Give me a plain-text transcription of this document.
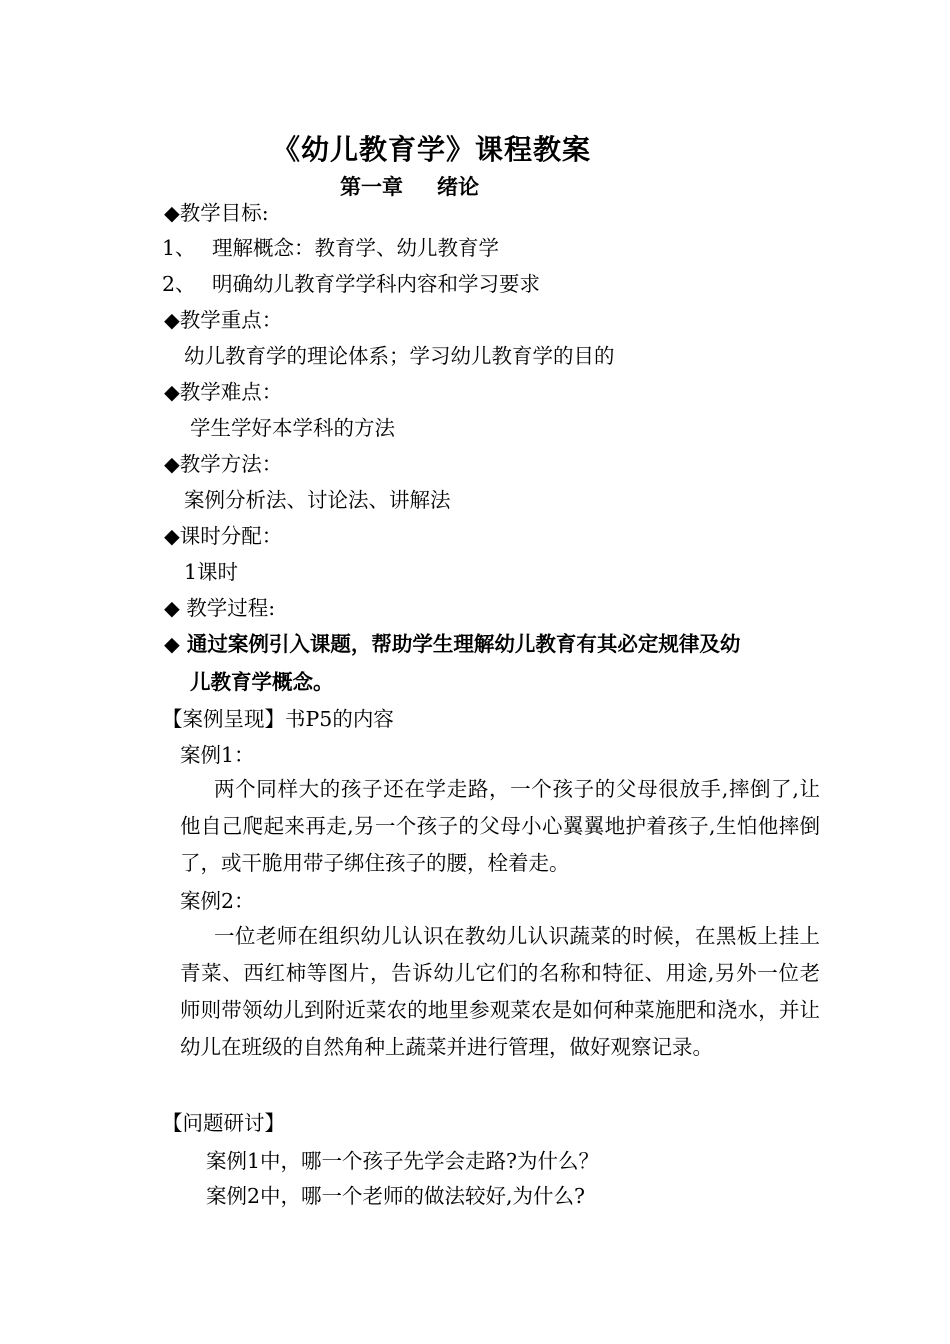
《幼儿教育学》课程教案
第一章 绪论
◆教学目标:
1、 理解概念：教育学、幼儿教育学
2、 明确幼儿教育学学科内容和学习要求
◆教学重点：
幼儿教育学的理论体系；学习幼儿教育学的目的
◆教学难点：
学生学好本学科的方法
◆教学方法：
案例分析法、讨论法、讲解法
◆课时分配：
1课时
◆ 教学过程:
◆ 通过案例引入课题，帮助学生理解幼儿教育有其必定规律及幼
儿教育学概念。
【案例呈现】书P5的内容
案例1：
两个同样大的孩子还在学走路，一个孩子的父母很放手,摔倒了,让他自己爬起来再走,另一个孩子的父母小心翼翼地护着孩子,生怕他摔倒了，或干脆用带子绑住孩子的腰，栓着走。
案例2：
一位老师在组织幼儿认识在教幼儿认识蔬菜的时候，在黑板上挂上青菜、西红柿等图片，告诉幼儿它们的名称和特征、用途,另外一位老师则带领幼儿到附近菜农的地里参观菜农是如何种菜施肥和浇水，并让幼儿在班级的自然角种上蔬菜并进行管理，做好观察记录。
【问题研讨】
案例1中，哪一个孩子先学会走路?为什么？
案例2中，哪一个老师的做法较好,为什么?
